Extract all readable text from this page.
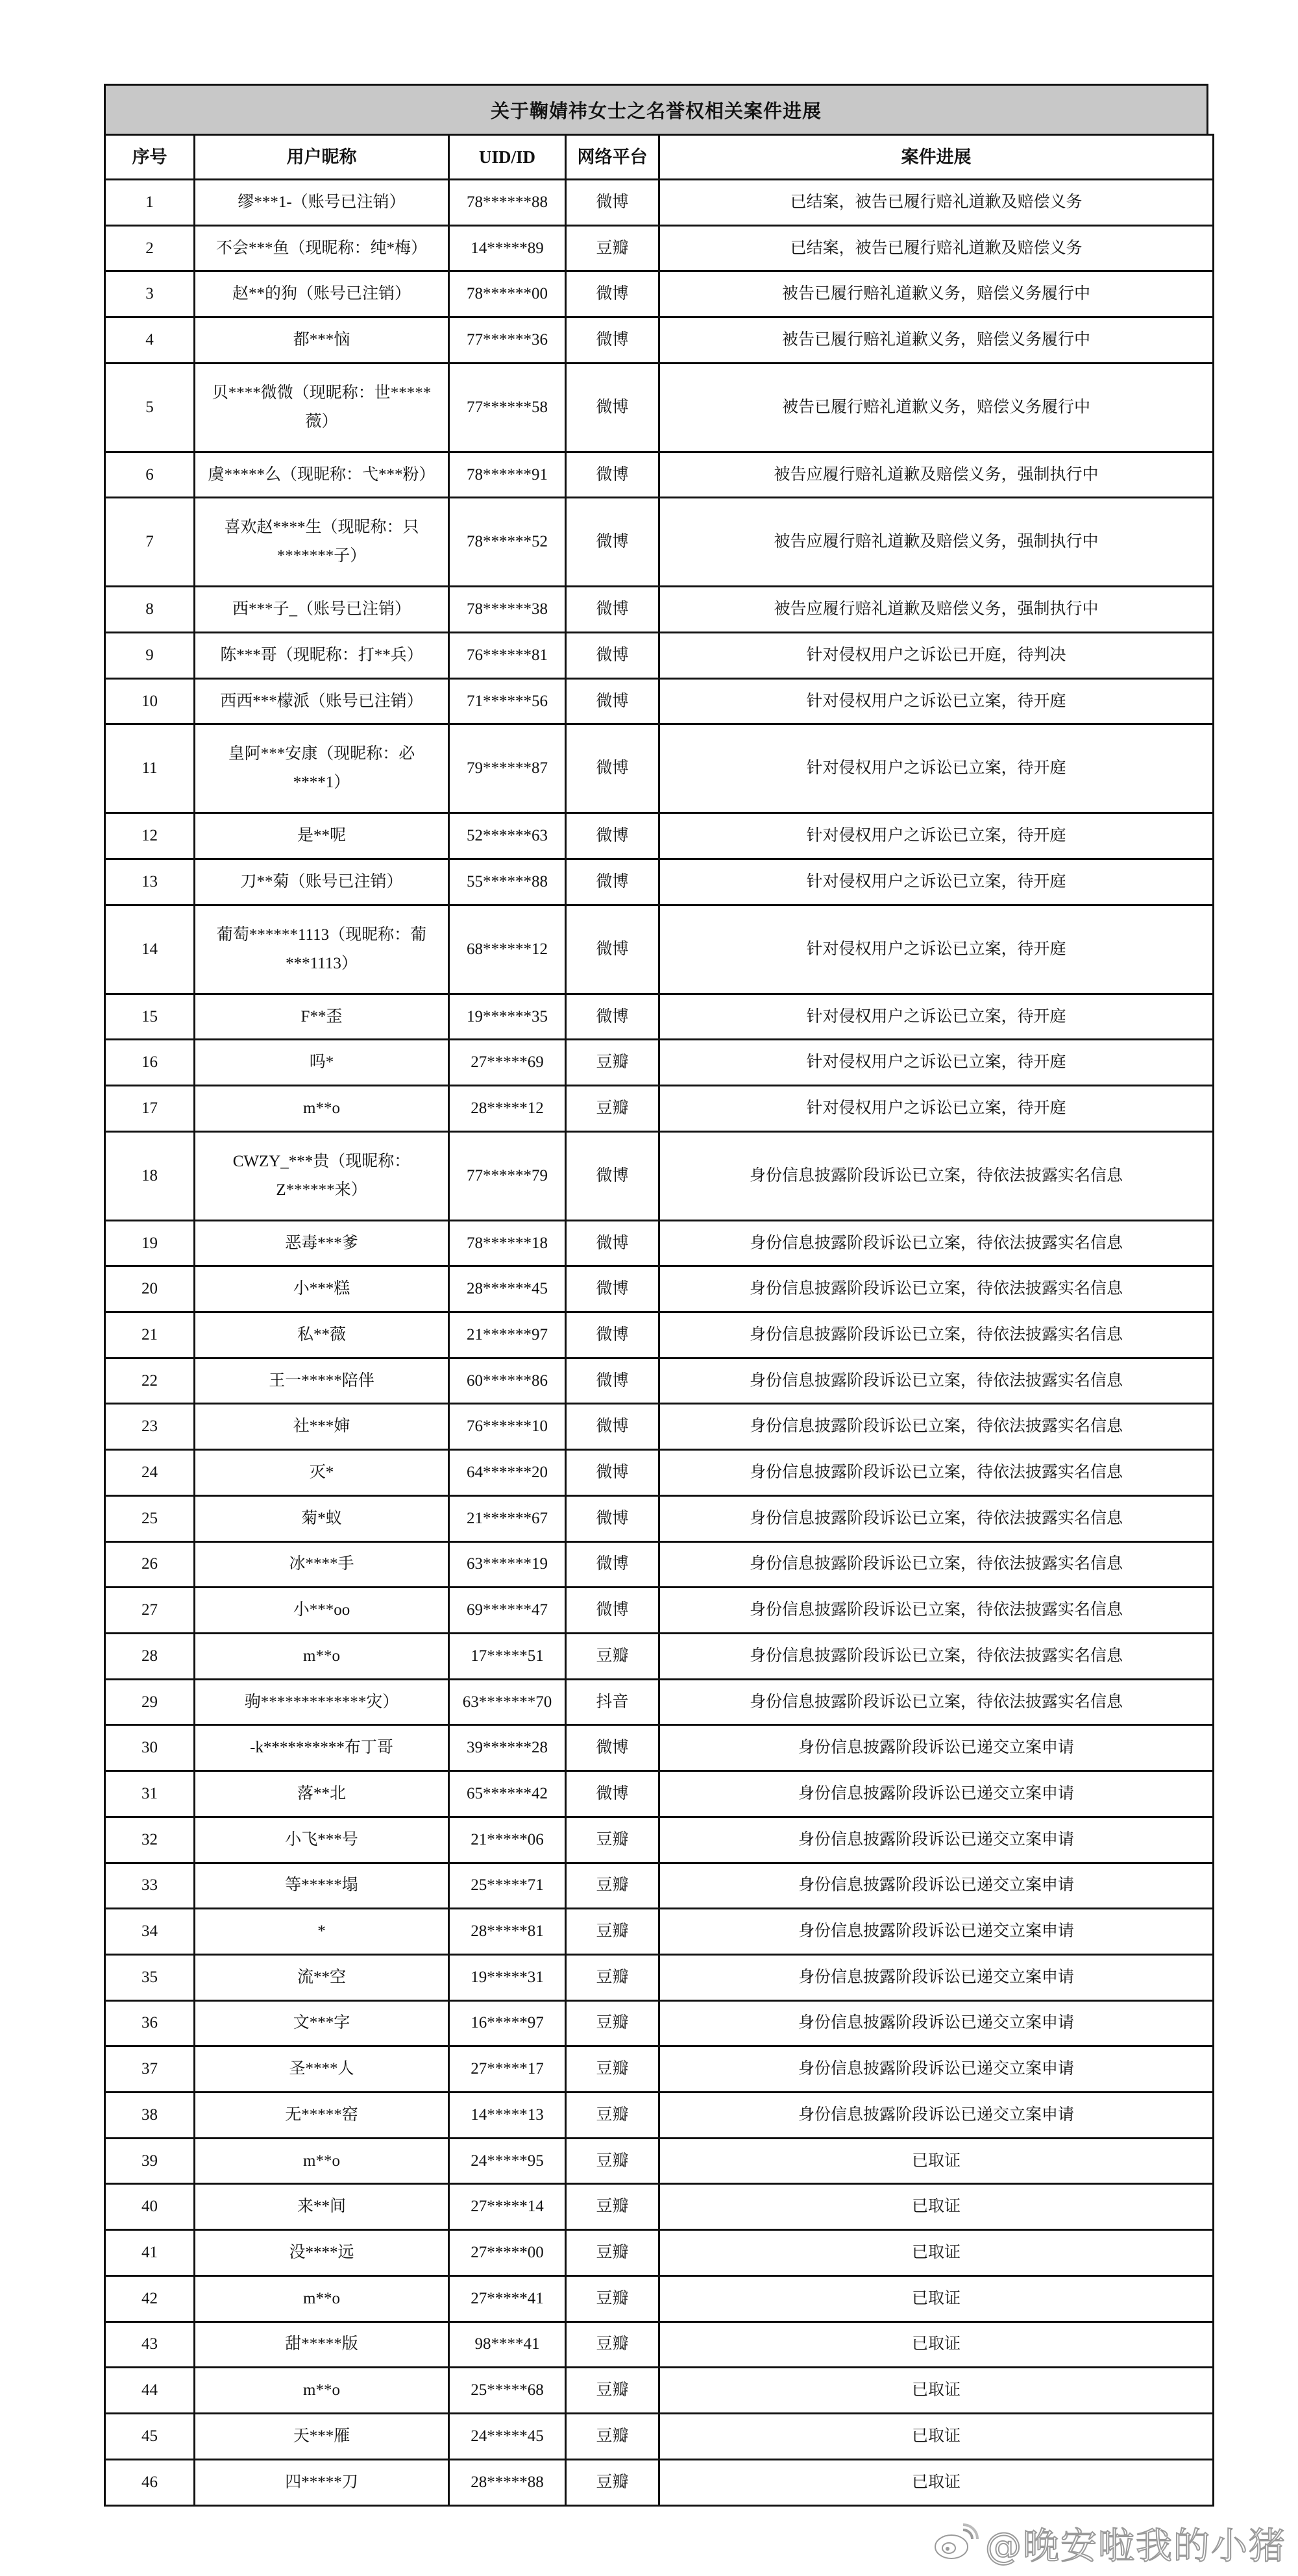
关于鞠婧祎女士之名誉权相关案件进展
序号	用户昵称	UID/ID	网络平台	案件进展
1	缪***1-（账号已注销）	78******88	微博	已结案，被告已履行赔礼道歉及赔偿义务
2	不会***鱼（现昵称：纯*梅）	14*****89	豆瓣	已结案，被告已履行赔礼道歉及赔偿义务
3	赵**的狗（账号已注销）	78******00	微博	被告已履行赔礼道歉义务，赔偿义务履行中
4	都***恼	77******36	微博	被告已履行赔礼道歉义务，赔偿义务履行中
5	贝****微微（现昵称：世*****薇）	77******58	微博	被告已履行赔礼道歉义务，赔偿义务履行中
6	虞*****么（现昵称：弋***粉）	78******91	微博	被告应履行赔礼道歉及赔偿义务，强制执行中
7	喜欢赵****生（现昵称：只*******子）	78******52	微博	被告应履行赔礼道歉及赔偿义务，强制执行中
8	西***子_（账号已注销）	78******38	微博	被告应履行赔礼道歉及赔偿义务，强制执行中
9	陈***哥（现昵称：打**兵）	76******81	微博	针对侵权用户之诉讼已开庭，待判决
10	西西***檬派（账号已注销）	71******56	微博	针对侵权用户之诉讼已立案，待开庭
11	皇阿***安康（现昵称：必****1）	79******87	微博	针对侵权用户之诉讼已立案，待开庭
12	是**呢	52******63	微博	针对侵权用户之诉讼已立案，待开庭
13	刀**菊（账号已注销）	55******88	微博	针对侵权用户之诉讼已立案，待开庭
14	葡萄******1113（现昵称：葡***1113）	68******12	微博	针对侵权用户之诉讼已立案，待开庭
15	F**歪	19******35	微博	针对侵权用户之诉讼已立案，待开庭
16	吗*	27*****69	豆瓣	针对侵权用户之诉讼已立案，待开庭
17	m**o	28*****12	豆瓣	针对侵权用户之诉讼已立案，待开庭
18	CWZY_***贵（现昵称：Z******来）	77******79	微博	身份信息披露阶段诉讼已立案，待依法披露实名信息
19	恶毒***爹	78******18	微博	身份信息披露阶段诉讼已立案，待依法披露实名信息
20	小***糕	28******45	微博	身份信息披露阶段诉讼已立案，待依法披露实名信息
21	私**薇	21******97	微博	身份信息披露阶段诉讼已立案，待依法披露实名信息
22	王一*****陪伴	60******86	微博	身份信息披露阶段诉讼已立案，待依法披露实名信息
23	社***婶	76******10	微博	身份信息披露阶段诉讼已立案，待依法披露实名信息
24	灭*	64******20	微博	身份信息披露阶段诉讼已立案，待依法披露实名信息
25	菊*蚁	21******67	微博	身份信息披露阶段诉讼已立案，待依法披露实名信息
26	冰****手	63******19	微博	身份信息披露阶段诉讼已立案，待依法披露实名信息
27	小***oo	69******47	微博	身份信息披露阶段诉讼已立案，待依法披露实名信息
28	m**o	17*****51	豆瓣	身份信息披露阶段诉讼已立案，待依法披露实名信息
29	驹*************灾）	63*******70	抖音	身份信息披露阶段诉讼已立案，待依法披露实名信息
30	-k**********布丁哥	39******28	微博	身份信息披露阶段诉讼已递交立案申请
31	落**北	65******42	微博	身份信息披露阶段诉讼已递交立案申请
32	小飞***号	21*****06	豆瓣	身份信息披露阶段诉讼已递交立案申请
33	等*****塌	25*****71	豆瓣	身份信息披露阶段诉讼已递交立案申请
34	*	28*****81	豆瓣	身份信息披露阶段诉讼已递交立案申请
35	流**空	19*****31	豆瓣	身份信息披露阶段诉讼已递交立案申请
36	文***字	16*****97	豆瓣	身份信息披露阶段诉讼已递交立案申请
37	圣****人	27*****17	豆瓣	身份信息披露阶段诉讼已递交立案申请
38	无*****窑	14*****13	豆瓣	身份信息披露阶段诉讼已递交立案申请
39	m**o	24*****95	豆瓣	已取证
40	来**间	27*****14	豆瓣	已取证
41	没****远	27*****00	豆瓣	已取证
42	m**o	27*****41	豆瓣	已取证
43	甜*****版	98****41	豆瓣	已取证
44	m**o	25*****68	豆瓣	已取证
45	天***雁	24*****45	豆瓣	已取证
46	四*****刀	28*****88	豆瓣	已取证
@晚安啦我的小猪
